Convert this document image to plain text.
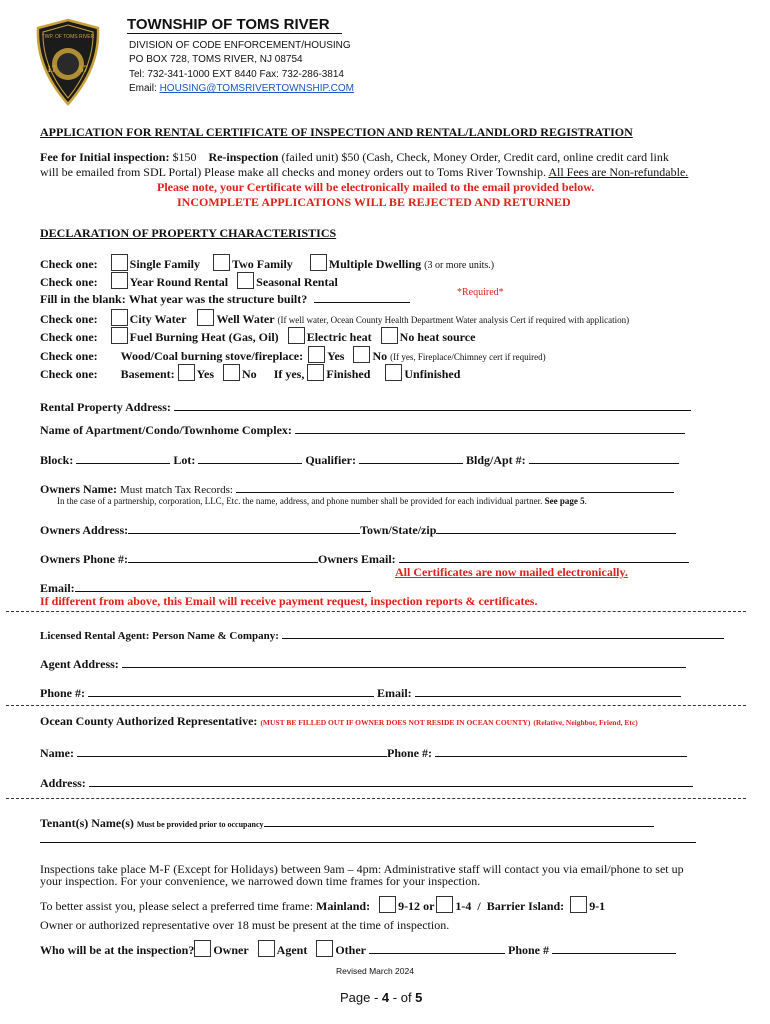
TWP. OF TOMS RIVER
17	67
TOWNSHIP OF TOMS RIVER
DIVISION OF CODE ENFORCEMENT/HOUSING
PO BOX 728, TOMS RIVER, NJ 08754
Tel: 732-341-1000 EXT 8440 Fax: 732-286-3814
Email: HOUSING@TOMSRIVERTOWNSHIP.COM
APPLICATION FOR RENTAL CERTIFICATE OF INSPECTION AND RENTAL/LANDLORD REGISTRATION
Fee for Initial inspection: $150 Re-inspection (failed unit) $50 (Cash, Check, Money Order, Credit card, online credit card link
will be emailed from SDL Portal) Please make all checks and money orders out to Toms River Township. All Fees are Non-refundable.
Please note, your Certificate will be electronically mailed to the email provided below.
INCOMPLETE APPLICATIONS WILL BE REJECTED AND RETURNED
DECLARATION OF PROPERTY CHARACTERISTICS
Check one:	Single Family	Two Family	Multiple Dwelling (3 or more units.)
Check one:	Year Round Rental Seasonal Rental
Fill in the blank: What year was the structure built?	*Required*
Check one:	City Water	Well Water (If well water, Ocean County Health Department Water analysis Cert if required with application)
Check one:	Fuel Burning Heat (Gas, Oil) Electric heat No heat source
Check one: Wood/Coal burning stove/fireplace: Yes No (If yes, Fireplace/Chimney cert if required)
Check one: Basement: Yes No If yes, Finished	Unfinished
Rental Property Address:
Name of Apartment/Condo/Townhome Complex:
Block:	Lot:	Qualifier:	Bldg/Apt #:
Owners Name: Must match Tax Records:
In the case of a partnership, corporation, LLC, Etc. the name, address, and phone number shall be provided for each individual partner. See page 5.
Owners Address:	Town/State/zip
Owners Phone #:	Owners Email:
All Certificates are now mailed electronically.
Email:
If different from above, this Email will receive payment request, inspection reports & certificates.
Licensed Rental Agent: Person Name & Company:
Agent Address:
Phone #:	Email:
Ocean County Authorized Representative: (MUST BE FILLED OUT IF OWNER DOES NOT RESIDE IN OCEAN COUNTY) (Relative, Neighbor, Friend, Etc)
Name:	Phone #:
Address:
Tenant(s) Name(s) Must be provided prior to occupancy
Inspections take place M-F (Except for Holidays) between 9am – 4pm: Administrative staff will contact you via email/phone to set up
your inspection. For your convenience, we narrowed down time frames for your inspection.
To better assist you, please select a preferred time frame: Mainland: 9-12 or 1-4 / Barrier Island: 9-1
Owner or authorized representative over 18 must be present at the time of inspection.
Who will be at the inspection? Owner Agent Other	Phone #
Revised March 2024
Page - 4 - of 5
